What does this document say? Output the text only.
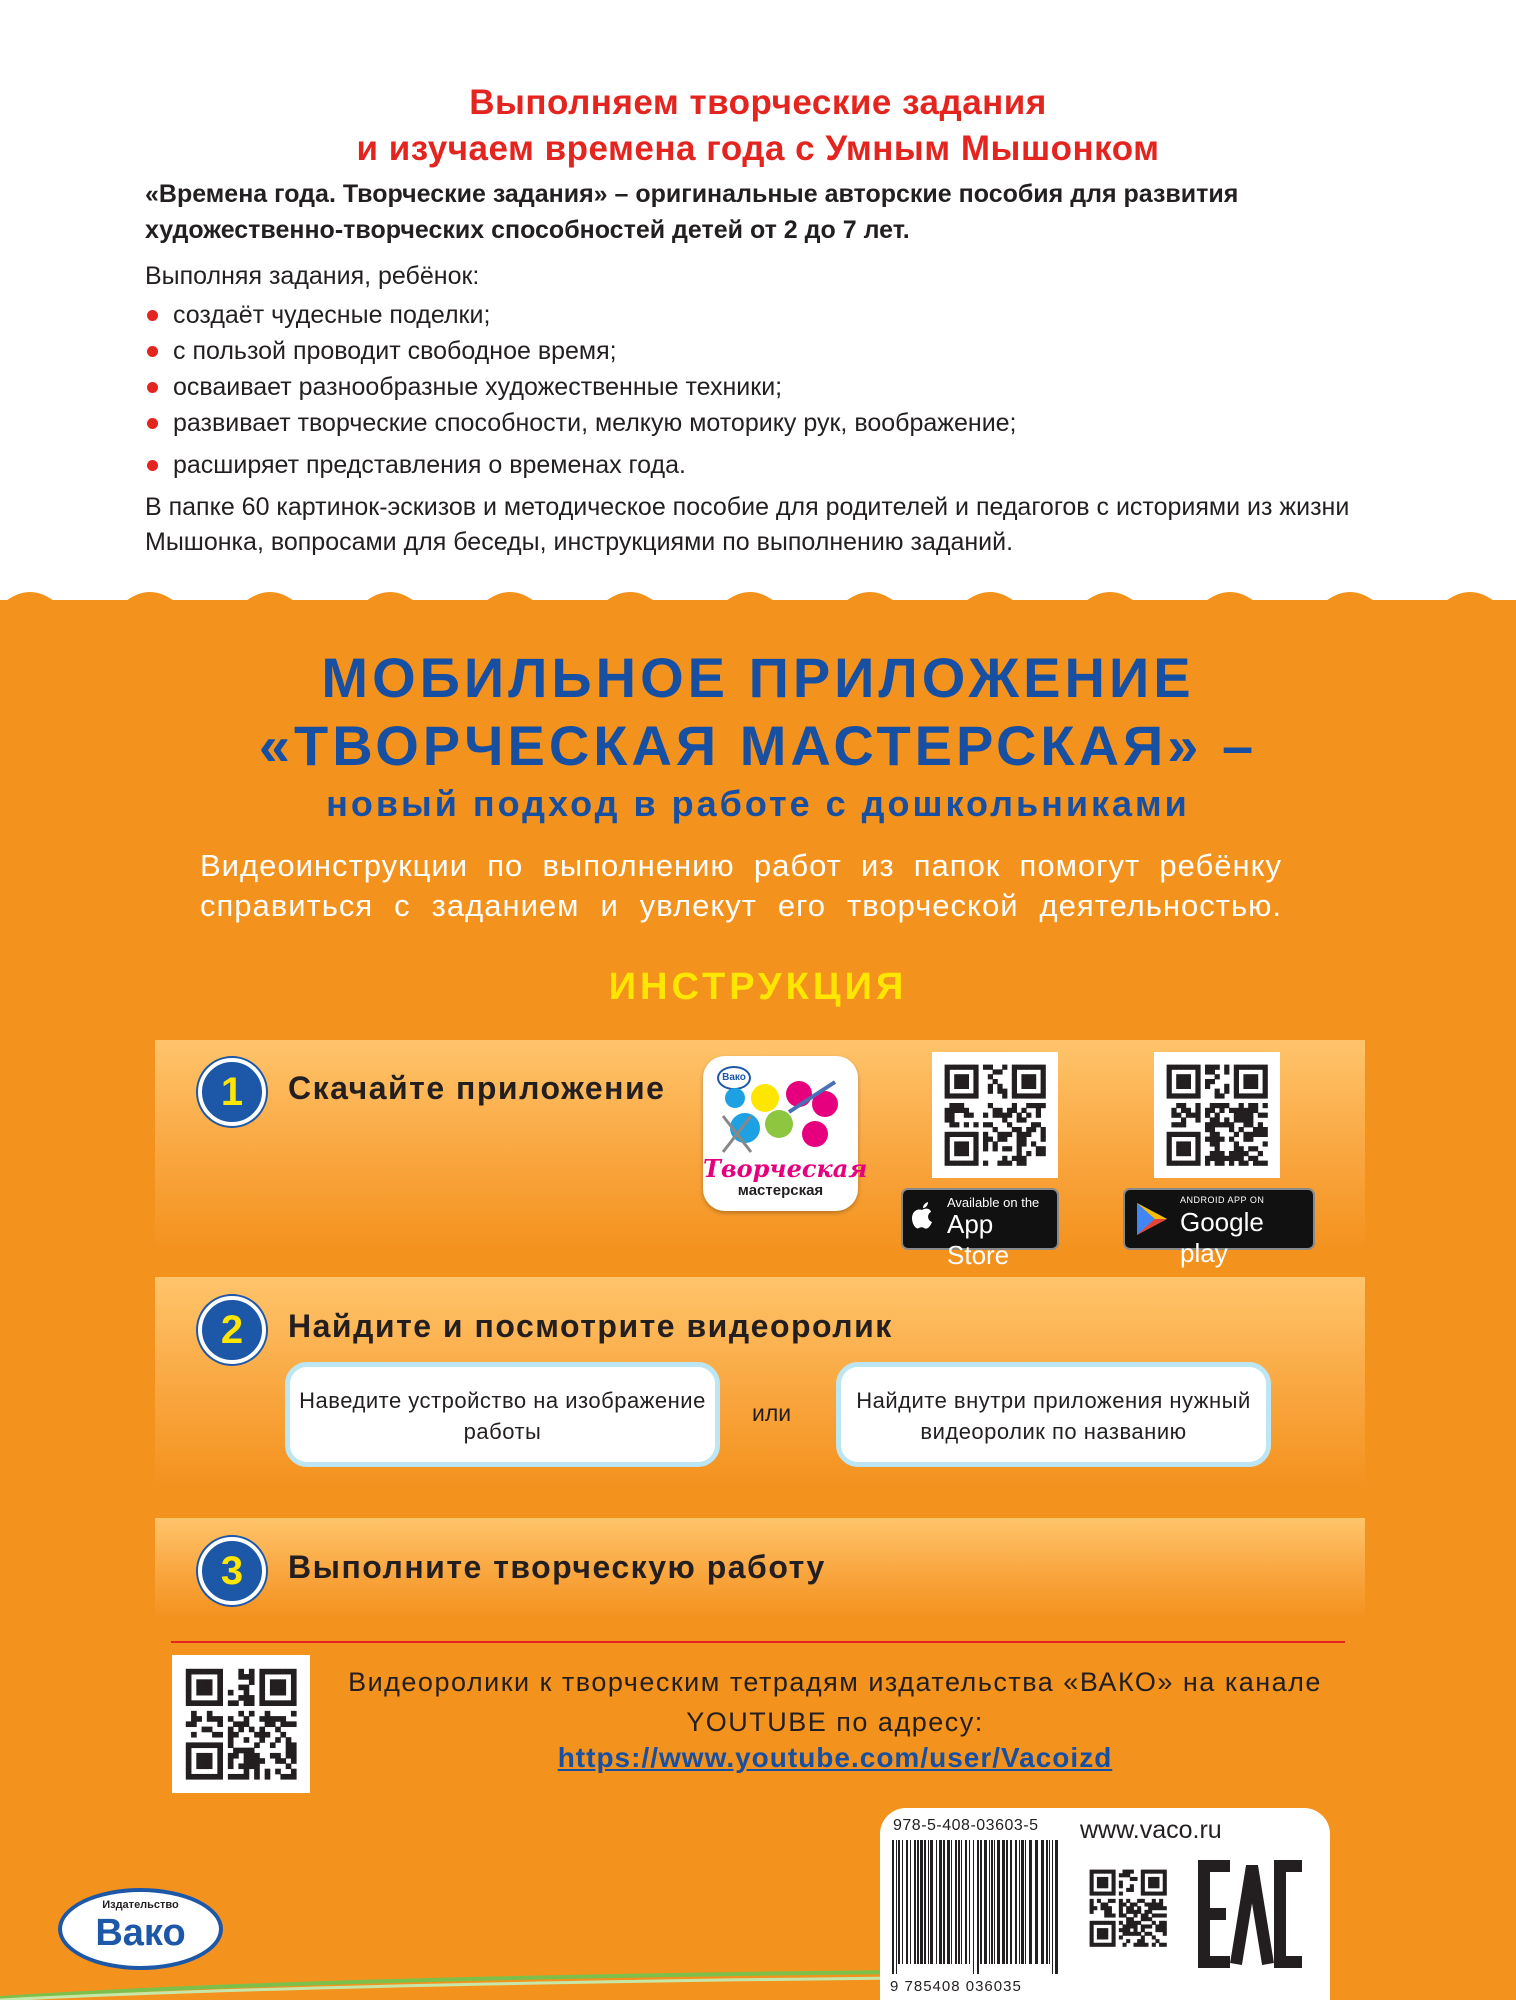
Выполняем творческие задания
и изучаем времена года с Умным Мышонком
«Времена года. Творческие задания» – оригинальные авторские пособия для развития художественно-творческих способностей детей от 2 до 7 лет.
Выполняя задания, ребёнок:
создаёт чудесные поделки;
с пользой проводит свободное время;
осваивает разнообразные художественные техники;
развивает творческие способности, мелкую моторику рук, воображение;
расширяет представления о временах года.
В папке 60 картинок-эскизов и методическое пособие для родителей и педагогов с историями из жизни Мышонка, вопросами для беседы, инструкциями по выполнению заданий.
МОБИЛЬНОЕ ПРИЛОЖЕНИЕ
«ТВОРЧЕСКАЯ МАСТЕРСКАЯ» –
новый подход в работе с дошкольниками
Видеоинструкции по выполнению работ из папок помогут ребёнку справиться с заданием и увлекут его творческой деятельностью.
ИНСТРУКЦИЯ
1	Скачайте приложение	Вако
Творческая
мастерская
Available on the
App Store
ANDROID APP ON
Google play
2	Найдите и посмотрите видеоролик
Наведите устройство на изображение работы
или	Найдите внутри приложения нужный видеоролик по названию
3	Выполните творческую работу
Видеоролики к творческим тетрадям издательства «ВАКО» на канале YOUTUBE по адресу:
https://www.youtube.com/user/Vacoizd
Издательство
Вако
978-5-408-03603-5 www.vaco.ru
9 785408 036035
